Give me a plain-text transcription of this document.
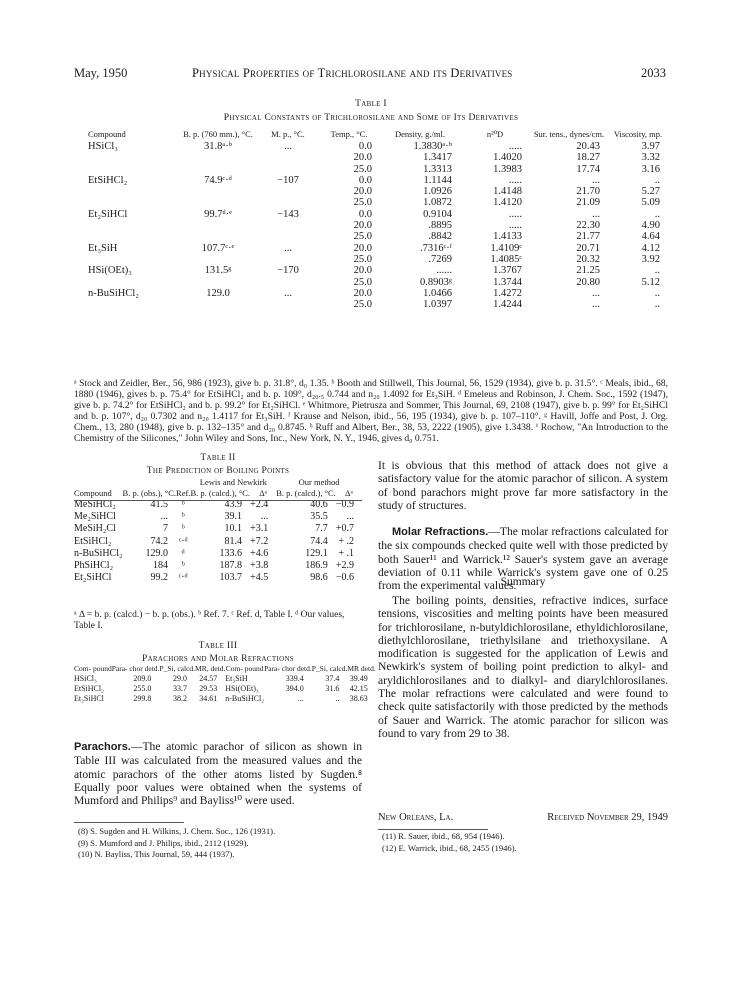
May, 1950	Physical Properties of Trichlorosilane and its Derivatives	2033
Table I
Physical Constants of Trichlorosilane and Some of Its Derivatives
Compound	B. p. (760 mm.), °C.	M. p., °C.	Temp., °C.	Density, g./ml.	n²⁰D	Sur. tens., dynes/cm.	Viscosity, mp.
HSiCl₃	31.8ᵃ·ᵇ	...	0.0	1.3830ᵃ·ᵇ	.....	20.43	3.97
			20.0	1.3417	1.4020	18.27	3.32
			25.0	1.3313	1.3983	17.74	3.16
EtSiHCl₂	74.9ᶜ·ᵈ	−107	0.0	1.1144	.....	...	..
			20.0	1.0926	1.4148	21.70	5.27
			25.0	1.0872	1.4120	21.09	5.09
Et₂SiHCl	99.7ᵈ·ᵉ	−143	0.0	0.9104	.....	...	..
			20.0	.8895	.....	22.30	4.90
			25.0	.8842	1.4133	21.77	4.64
Et₃SiH	107.7ᶜ·ᵉ	...	20.0	.7316ᶜ·ᶠ	1.4109ᶜ	20.71	4.12
			25.0	.7269	1.4085ᶜ	20.32	3.92
HSi(OEt)₃	131.5ᵍ	−170	20.0	......	1.3767	21.25	..
			25.0	0.8903ᵍ	1.3744	20.80	5.12
n-BuSiHCl₂	129.0	...	20.0	1.0466	1.4272	...	..
			25.0	1.0397	1.4244	...	..
ᵃ Stock and Zeidler, Ber., 56, 986 (1923), give b. p. 31.8°, d₀ 1.35. ᵇ Booth and Stillwell, This Journal, 56, 1529 (1934), give b. p. 31.5°. ᶜ Meals, ibid., 68, 1880 (1946), gives b. p. 75.4° for EtSiHCl₂ and b. p. 109°, d₂₀.₅ 0.744 and n₂₀ 1.4092 for Et₃SiH. ᵈ Emeleus and Robinson, J. Chem. Soc., 1592 (1947), give b. p. 74.2° for EtSiHCl₂ and b. p. 99.2° for Et₂SiHCl. ᵉ Whitmore, Pietrusza and Sommer, This Journal, 69, 2108 (1947), give b. p. 99° for Et₂SiHCl and b. p. 107°, d₂₀ 0.7302 and n₂₀ 1.4117 for Et₃SiH. ᶠ Krause and Nelson, ibid., 56, 195 (1934), give b. p. 107–110°. ᵍ Havill, Joffe and Post, J. Org. Chem., 13, 280 (1948), give b. p. 132–135° and d₂₀ 0.8745. ʰ Ruff and Albert, Ber., 38, 53, 2222 (1905), give 1.3438. ⁱ Rochow, "An Introduction to the Chemistry of the Silicones," John Wiley and Sons, Inc., New York, N. Y., 1946, gives d₀ 0.751.
Table II
The Prediction of Boiling Points
			Lewis and Newkirk		Our method	
Compound	B. p. (obs.), °C.	Ref.	B. p. (calcd.), °C.	Δᵃ	B. p. (calcd.), °C.	Δᵃ
MeSiHCl₂	41.5	ᵇ	43.9	+2.4	40.6	−0.9
Me₂SiHCl	...	ᵇ	39.1	...	35.5	...
MeSiH₂Cl	7	ᵇ	10.1	+3.1	7.7	+0.7
EtSiHCl₂	74.2	ᶜ·ᵈ	81.4	+7.2	74.4	+ .2
n-BuSiHCl₂	129.0	ᵈ	133.6	+4.6	129.1	+ .1
PhSiHCl₂	184	ᵇ	187.8	+3.8	186.9	+2.9
Et₂SiHCl	99.2	ᶜ·ᵈ	103.7	+4.5	98.6	−0.6
ᵃ Δ = b. p. (calcd.) − b. p. (obs.). ᵇ Ref. 7. ᶜ Ref. d, Table I. ᵈ Our values, Table I.
Table III
Parachors and Molar Refractions
Com- pound	Para- chor detd.	P_Si, calcd.	MR, detd.	Com- pound	Para- chor detd.	P_Si, calcd.	MR detd.
HSiCl₃	209.0	29.0	24.57	Et₃SiH	339.4	37.4	39.49
EtSiHCl₂	255.0	33.7	29.53	HSi(OEt)₃	394.0	31.6	42.15
Et₂SiHCl	299.8	38.2	34.61	n-BuSiHCl₂	...	..	38.63
Parachors.—The atomic parachor of silicon as shown in Table III was calculated from the measured values and the atomic parachors of the other atoms listed by Sugden.⁸ Equally poor values were obtained when the systems of Mumford and Philips⁹ and Bayliss¹⁰ were used.
(8) S. Sugden and H. Wilkins, J. Chem. Soc., 126 (1931).
(9) S. Mumford and J. Philips, ibid., 2112 (1929).
(10) N. Bayliss, This Journal, 59, 444 (1937).
It is obvious that this method of attack does not give a satisfactory value for the atomic parachor of silicon. A system of bond parachors might prove far more satisfactory in the study of structures.
Molar Refractions.—The molar refractions calculated for the six compounds checked quite well with those predicted by both Sauer¹¹ and Warrick.¹² Sauer's system gave an average deviation of 0.11 while Warrick's system gave one of 0.25 from the experimental values.
Summary
The boiling points, densities, refractive indices, surface tensions, viscosities and melting points have been measured for trichlorosilane, n-butyldichlorosilane, ethyldichlorosilane, diethylchlorosilane, triethylsilane and triethoxysilane. A modification is suggested for the application of Lewis and Newkirk's system of boiling point prediction to alkyl- and aryldichlorosilanes and to dialkyl- and diarylchlorosilanes. The molar refractions were calculated and were found to check quite satisfactorily with those predicted by the methods of Sauer and Warrick. The atomic parachor for silicon was found to vary from 29 to 38.
New Orleans, La.	Received November 29, 1949
(11) R. Sauer, ibid., 68, 954 (1946).
(12) E. Warrick, ibid., 68, 2455 (1946).
